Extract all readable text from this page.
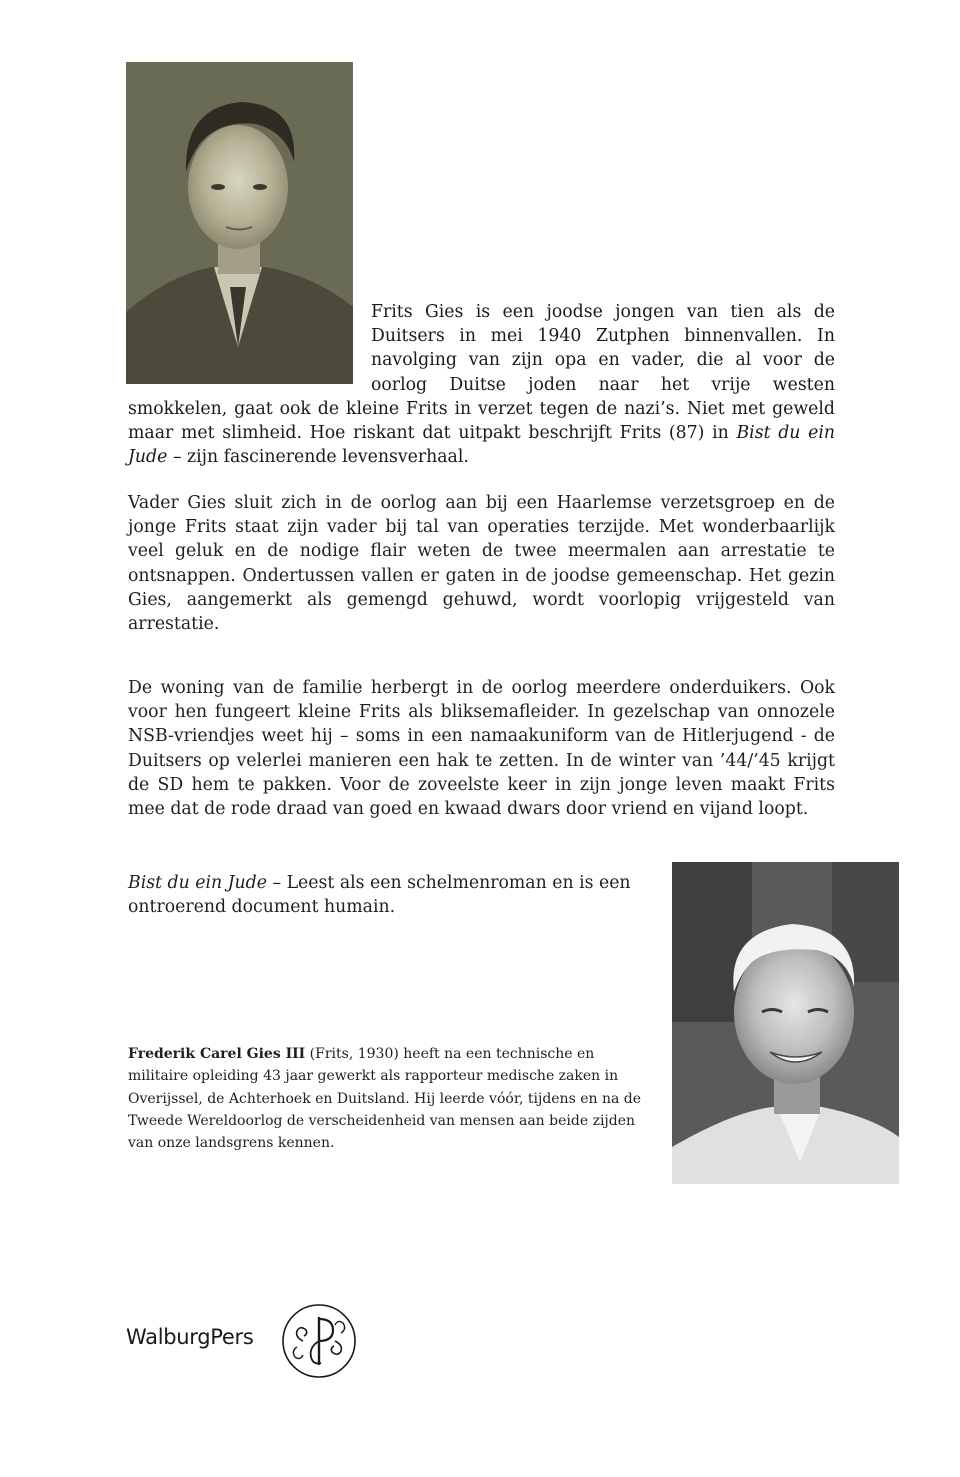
Frits Gies is een joodse jongen van tien als de Duitsers in mei 1940 Zutphen binnenvallen. In navolging van zijn opa en vader, die al voor de oorlog Duitse joden naar het vrije westen smokkelen, gaat ook de kleine Frits in verzet tegen de nazi’s. Niet met geweld maar met slimheid. Hoe riskant dat uitpakt beschrijft Frits (87) in Bist du ein Jude – zijn fascinerende levensverhaal.

Vader Gies sluit zich in de oorlog aan bij een Haarlemse verzetsgroep en de jonge Frits staat zijn vader bij tal van operaties terzijde. Met wonderbaarlijk veel geluk en de nodige flair weten de twee meermalen aan arrestatie te ontsnappen. Ondertussen vallen er gaten in de joodse gemeenschap. Het gezin Gies, aangemerkt als gemengd gehuwd, wordt voorlopig vrijgesteld van arrestatie.

De woning van de familie herbergt in de oorlog meerdere onderduikers. Ook voor hen fungeert kleine Frits als bliksemafleider. In gezelschap van onnozele NSB-vriendjes weet hij – soms in een namaakuniform van de Hitlerjugend - de Duitsers op velerlei manieren een hak te zetten. In de winter van ’44/’45 krijgt de SD hem te pakken. Voor de zoveelste keer in zijn jonge leven maakt Frits mee dat de rode draad van goed en kwaad dwars door vriend en vijand loopt.

Bist du ein Jude – Leest als een schelmenroman en is een ontroerend document humain.

Frederik Carel Gies III (Frits, 1930) heeft na een technische en militaire opleiding 43 jaar gewerkt als rapporteur medische zaken in Overijssel, de Achterhoek en Duitsland. Hij leerde vóór, tijdens en na de Tweede Wereldoorlog de verscheidenheid van mensen aan beide zijden van onze landsgrens kennen.

WalburgPers
